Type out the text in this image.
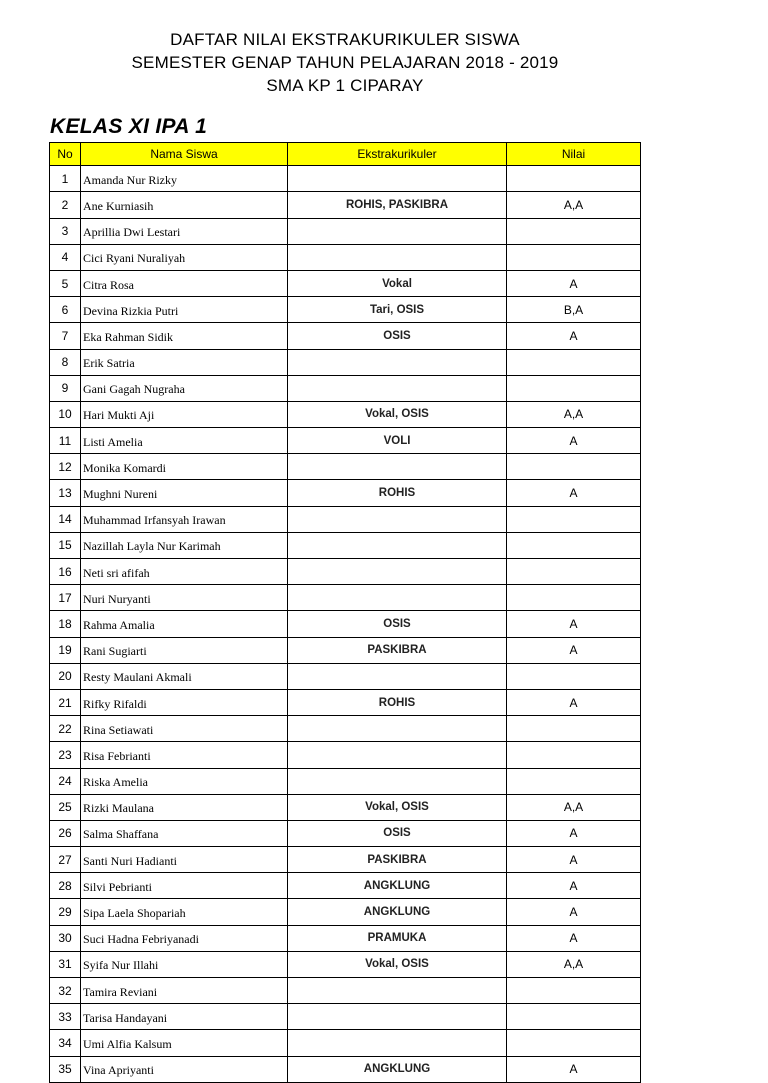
DAFTAR NILAI EKSTRAKURIKULER SISWA
SEMESTER GENAP TAHUN PELAJARAN 2018 - 2019
SMA KP 1 CIPARAY
KELAS XI IPA 1
No	Nama Siswa	Ekstrakurikuler	Nilai
1	Amanda Nur Rizky		
2	Ane Kurniasih	ROHIS, PASKIBRA	A,A
3	Aprillia Dwi Lestari		
4	Cici Ryani Nuraliyah		
5	Citra Rosa	Vokal	A
6	Devina Rizkia Putri	Tari, OSIS	B,A
7	Eka Rahman Sidik	OSIS	A
8	Erik Satria		
9	Gani Gagah Nugraha		
10	Hari Mukti Aji	Vokal, OSIS	A,A
11	Listi Amelia	VOLI	A
12	Monika Komardi		
13	Mughni Nureni	ROHIS	A
14	Muhammad Irfansyah Irawan		
15	Nazillah Layla Nur Karimah		
16	Neti sri afifah		
17	Nuri Nuryanti		
18	Rahma Amalia	OSIS	A
19	Rani Sugiarti	PASKIBRA	A
20	Resty Maulani Akmali		
21	Rifky Rifaldi	ROHIS	A
22	Rina Setiawati		
23	Risa Febrianti		
24	Riska Amelia		
25	Rizki Maulana	Vokal, OSIS	A,A
26	Salma Shaffana	OSIS	A
27	Santi Nuri Hadianti	PASKIBRA	A
28	Silvi Pebrianti	ANGKLUNG	A
29	Sipa Laela Shopariah	ANGKLUNG	A
30	Suci Hadna Febriyanadi	PRAMUKA	A
31	Syifa Nur Illahi	Vokal, OSIS	A,A
32	Tamira Reviani		
33	Tarisa Handayani		
34	Umi Alfia Kalsum		
35	Vina Apriyanti	ANGKLUNG	A
